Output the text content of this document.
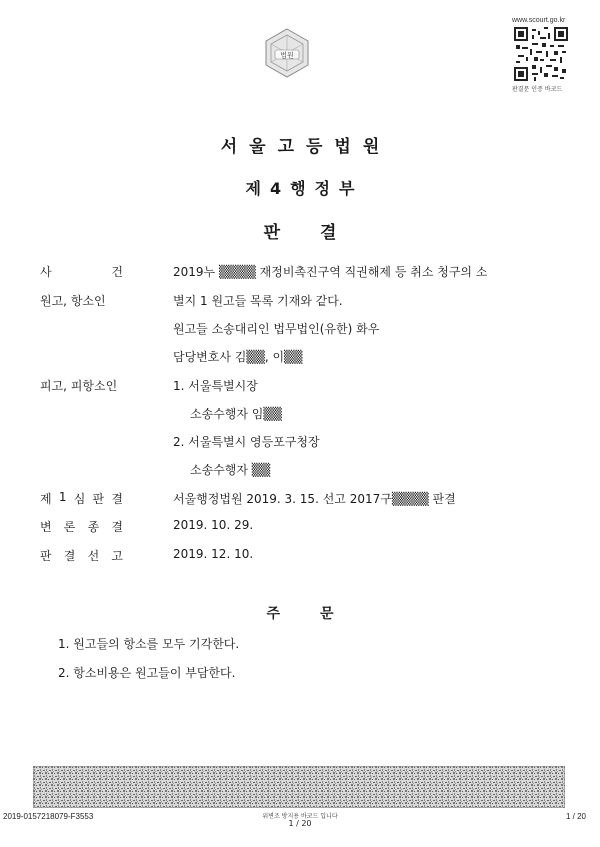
법원
www.scourt.go.kr
판결문 인증 바코드
서울고등법원
제4행정부
판결
사	건	2019누 ▒▒▒▒ 재정비촉진구역 직권해제 등 취소 청구의 소
원고, 항소인	별지 1 원고들 목록 기재와 같다.
원고들 소송대리인 법무법인(유한) 화우
담당변호사 김▒▒, 이▒▒
피고, 피항소인	1. 서울특별시장
소송수행자 임▒▒
2. 서울특별시 영등포구청장
소송수행자 ▒▒
제 1 심 판 결	서울행정법원 2019. 3. 15. 선고 2017구▒▒▒▒ 판결
변 론 종 결	2019. 10. 29.
판 결 선 고	2019. 12. 10.
주문
1. 원고들의 항소를 모두 기각한다.
2. 항소비용은 원고들이 부담한다.
2019-0157218079-F3553	위변조 방지용 바코드 입니다
1 / 20
1 / 20
